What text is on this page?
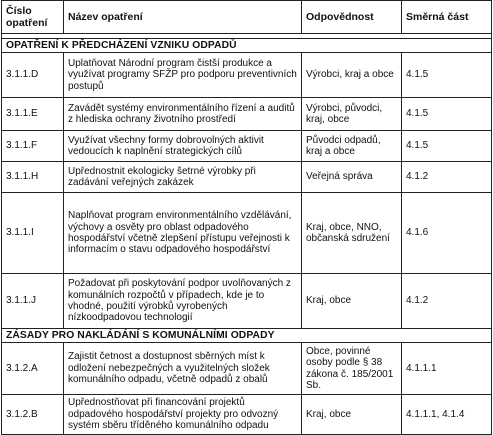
Číslo opatření	Název opatření	Odpovědnost	Směrná část

OPATŘENÍ K PŘEDCHÁZENÍ VZNIKU ODPADŮ			
3.1.1.D	Uplatňovat Národní program čistší produkce a využívat programy SFŽP pro podporu preventivních postupů	Výrobci, kraj a obce	4.1.5
3.1.1.E	Zavádět systémy environmentálního řízení a auditů z hlediska ochrany životního prostředí	Výrobci, původci, kraj, obce	4.1.5
3.1.1.F	Využívat všechny formy dobrovolných aktivit vedoucích k naplnění strategických cílů	Původci odpadů, kraj a obce	4.1.5
3.1.1.H	Upřednostnit ekologicky šetrné výrobky při zadávání veřejných zakázek	Veřejná správa	4.1.2
3.1.1.I	Naplňovat program environmentálního vzdělávání, výchovy a osvěty pro oblast odpadového hospodářství včetně zlepšení přístupu veřejnosti k informacím o stavu odpadového hospodářství	Kraj, obce, NNO, občanská sdružení	4.1.6
3.1.1.J	Požadovat při poskytování podpor uvolňovaných z komunálních rozpočtů v případech, kde je to vhodné, použití výrobků vyrobených nízkoodpadovou technologií	Kraj, obce	4.1.2
ZÁSADY PRO NAKLÁDÁNÍ S KOMUNÁLNÍMI ODPADY			
3.1.2.A	Zajistit četnost a dostupnost sběrných míst k odložení nebezpečných a využitelných složek komunálního odpadu, včetně odpadů z obalů	Obce, povinné osoby podle § 38 zákona č. 185/2001 Sb.	4.1.1.1
3.1.2.B	Upřednostňovat při financování projektů odpadového hospodářství projekty pro odvozný systém sběru tříděného komunálního odpadu	Kraj, obce	4.1.1.1, 4.1.4
